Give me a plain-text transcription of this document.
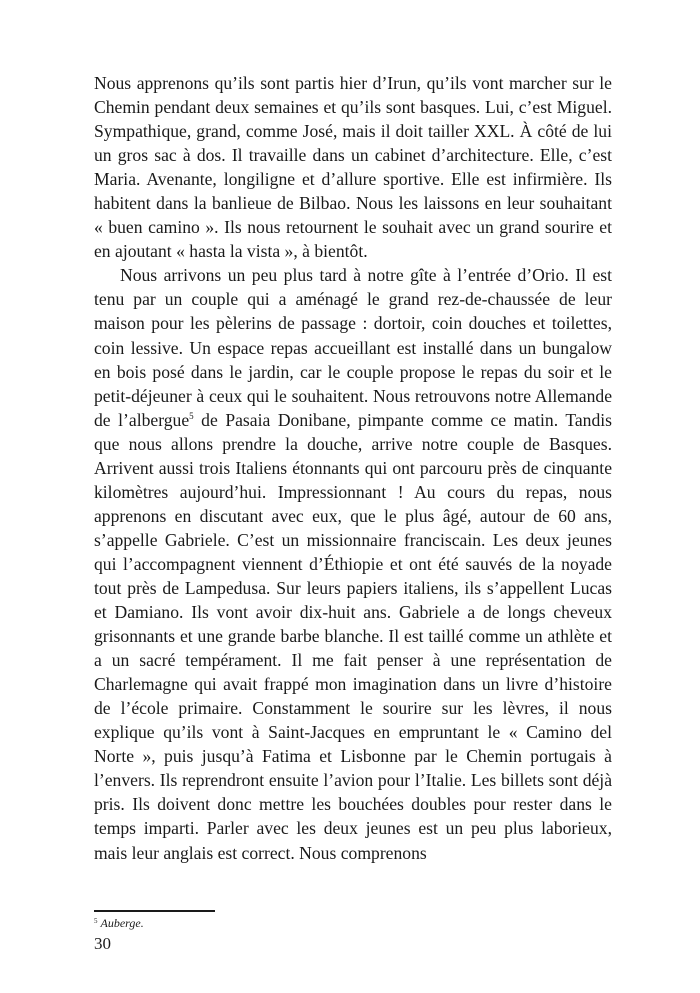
Nous apprenons qu’ils sont partis hier d’Irun, qu’ils vont marcher sur le Chemin pendant deux semaines et qu’ils sont basques. Lui, c’est Miguel. Sympathique, grand, comme José, mais il doit tailler XXL. À côté de lui un gros sac à dos. Il travaille dans un cabinet d’architecture. Elle, c’est Maria. Avenante, longiligne et d’allure sportive. Elle est infirmière. Ils habitent dans la banlieue de Bilbao. Nous les laissons en leur souhaitant « buen camino ». Ils nous retournent le souhait avec un grand sourire et en ajoutant « hasta la vista », à bientôt.

Nous arrivons un peu plus tard à notre gîte à l’entrée d’Orio. Il est tenu par un couple qui a aménagé le grand rez-de-chaussée de leur maison pour les pèlerins de passage : dortoir, coin douches et toilettes, coin lessive. Un espace repas accueillant est installé dans un bungalow en bois posé dans le jardin, car le couple propose le repas du soir et le petit-déjeuner à ceux qui le souhaitent. Nous retrouvons notre Allemande de l’albergue$^5$ de Pasaia Donibane, pimpante comme ce matin. Tandis que nous allons prendre la douche, arrive notre couple de Basques. Arrivent aussi trois Italiens étonnants qui ont parcouru près de cinquante kilomètres aujourd’hui. Impressionnant ! Au cours du repas, nous apprenons en discutant avec eux, que le plus âgé, autour de 60 ans, s’appelle Gabriele. C’est un missionnaire franciscain. Les deux jeunes qui l’accompagnent viennent d’Éthiopie et ont été sauvés de la noyade tout près de Lampedusa. Sur leurs papiers italiens, ils s’appellent Lucas et Damiano. Ils vont avoir dix-huit ans. Gabriele a de longs cheveux grisonnants et une grande barbe blanche. Il est taillé comme un athlète et a un sacré tempérament. Il me fait penser à une représentation de Charlemagne qui avait frappé mon imagination dans un livre d’histoire de l’école primaire. Constamment le sourire sur les lèvres, il nous explique qu’ils vont à Saint-Jacques en empruntant le « Camino del Norte », puis jusqu’à Fatima et Lisbonne par le Chemin portugais à l’envers. Ils reprendront ensuite l’avion pour l’Italie. Les billets sont déjà pris. Ils doivent donc mettre les bouchées doubles pour rester dans le temps imparti. Parler avec les deux jeunes est un peu plus laborieux, mais leur anglais est correct. Nous comprenons

$^5$ Auberge.
30
